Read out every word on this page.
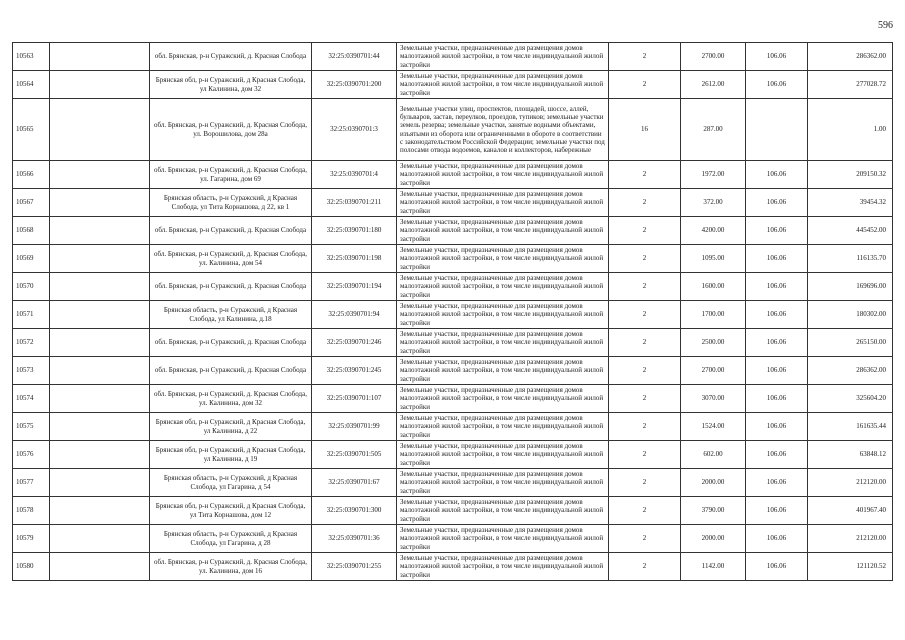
596
10563		обл. Брянская, р-н Суражский, д. Красная Слобода	32:25:0390701:44	Земельные участки, предназначенные для размещения домов малоэтажной жилой застройки, в том числе индивидуальной жилой застройки	2	2700.00	106.06	286362.00
10564		Брянская обл, р-н Суражский, д Красная Слобода, ул Калинина, дом 32	32:25:0390701:200	Земельные участки, предназначенные для размещения домов малоэтажной жилой застройки, в том числе индивидуальной жилой застройки	2	2612.00	106.06	277028.72
10565		обл. Брянская, р-н Суражский, д. Красная Слобода, ул. Ворошилова, дом 28а	32:25:0390701:3	Земельные участки улиц, проспектов, площадей, шоссе, аллей, бульваров, застав, переулков, проездов, тупиков; земельные участки земель резерва; земельные участки, занятые водными объектами, изъятыми из оборота или ограниченными в обороте в соответствии с законодательством Российской Федерации; земельные участки под полосами отвода водоемов, каналов и коллекторов, набережные	16	287.00		1.00
10566		обл. Брянская, р-н Суражский, д. Красная Слобода, ул. Гагарина, дом 69	32:25:0390701:4	Земельные участки, предназначенные для размещения домов малоэтажной жилой застройки, в том числе индивидуальной жилой застройки	2	1972.00	106.06	209150.32
10567		Брянская область, р-н Суражский, д Красная Слобода, ул Тита Корнашова, д 22, кв 1	32:25:0390701:211	Земельные участки, предназначенные для размещения домов малоэтажной жилой застройки, в том числе индивидуальной жилой застройки	2	372.00	106.06	39454.32
10568		обл. Брянская, р-н Суражский, д. Красная Слобода	32:25:0390701:180	Земельные участки, предназначенные для размещения домов малоэтажной жилой застройки, в том числе индивидуальной жилой застройки	2	4200.00	106.06	445452.00
10569		обл. Брянская, р-н Суражский, д. Красная Слобода, ул. Калинина, дом 54	32:25:0390701:198	Земельные участки, предназначенные для размещения домов малоэтажной жилой застройки, в том числе индивидуальной жилой застройки	2	1095.00	106.06	116135.70
10570		обл. Брянская, р-н Суражский, д. Красная Слобода	32:25:0390701:194	Земельные участки, предназначенные для размещения домов малоэтажной жилой застройки, в том числе индивидуальной жилой застройки	2	1600.00	106.06	169696.00
10571		Брянская область, р-н Суражский, д Красная Слобода, ул Калинина, д.18	32:25:0390701:94	Земельные участки, предназначенные для размещения домов малоэтажной жилой застройки, в том числе индивидуальной жилой застройки	2	1700.00	106.06	180302.00
10572		обл. Брянская, р-н Суражский, д. Красная Слобода	32:25:0390701:246	Земельные участки, предназначенные для размещения домов малоэтажной жилой застройки, в том числе индивидуальной жилой застройки	2	2500.00	106.06	265150.00
10573		обл. Брянская, р-н Суражский, д. Красная Слобода	32:25:0390701:245	Земельные участки, предназначенные для размещения домов малоэтажной жилой застройки, в том числе индивидуальной жилой застройки	2	2700.00	106.06	286362.00
10574		обл. Брянская, р-н Суражский, д. Красная Слобода, ул. Калинина, дом 32	32:25:0390701:107	Земельные участки, предназначенные для размещения домов малоэтажной жилой застройки, в том числе индивидуальной жилой застройки	2	3070.00	106.06	325604.20
10575		Брянская обл, р-н Суражский, д Красная Слобода, ул Калинина, д 22	32:25:0390701:99	Земельные участки, предназначенные для размещения домов малоэтажной жилой застройки, в том числе индивидуальной жилой застройки	2	1524.00	106.06	161635.44
10576		Брянская обл, р-н Суражский, д Красная Слобода, ул Калинина, д 19	32:25:0390701:505	Земельные участки, предназначенные для размещения домов малоэтажной жилой застройки, в том числе индивидуальной жилой застройки	2	602.00	106.06	63848.12
10577		Брянская область, р-н Суражский, д Красная Слобода, ул Гагарина, д 54	32:25:0390701:67	Земельные участки, предназначенные для размещения домов малоэтажной жилой застройки, в том числе индивидуальной жилой застройки	2	2000.00	106.06	212120.00
10578		Брянская обл, р-н Суражский, д Красная Слобода, ул Тита Корнашова, дом 12	32:25:0390701:300	Земельные участки, предназначенные для размещения домов малоэтажной жилой застройки, в том числе индивидуальной жилой застройки	2	3790.00	106.06	401967.40
10579		Брянская область, р-н Суражский, д Красная Слобода, ул Гагарина, д 28	32:25:0390701:36	Земельные участки, предназначенные для размещения домов малоэтажной жилой застройки, в том числе индивидуальной жилой застройки	2	2000.00	106.06	212120.00
10580		обл. Брянская, р-н Суражский, д. Красная Слобода, ул. Калинина, дом 16	32:25:0390701:255	Земельные участки, предназначенные для размещения домов малоэтажной жилой застройки, в том числе индивидуальной жилой застройки	2	1142.00	106.06	121120.52
